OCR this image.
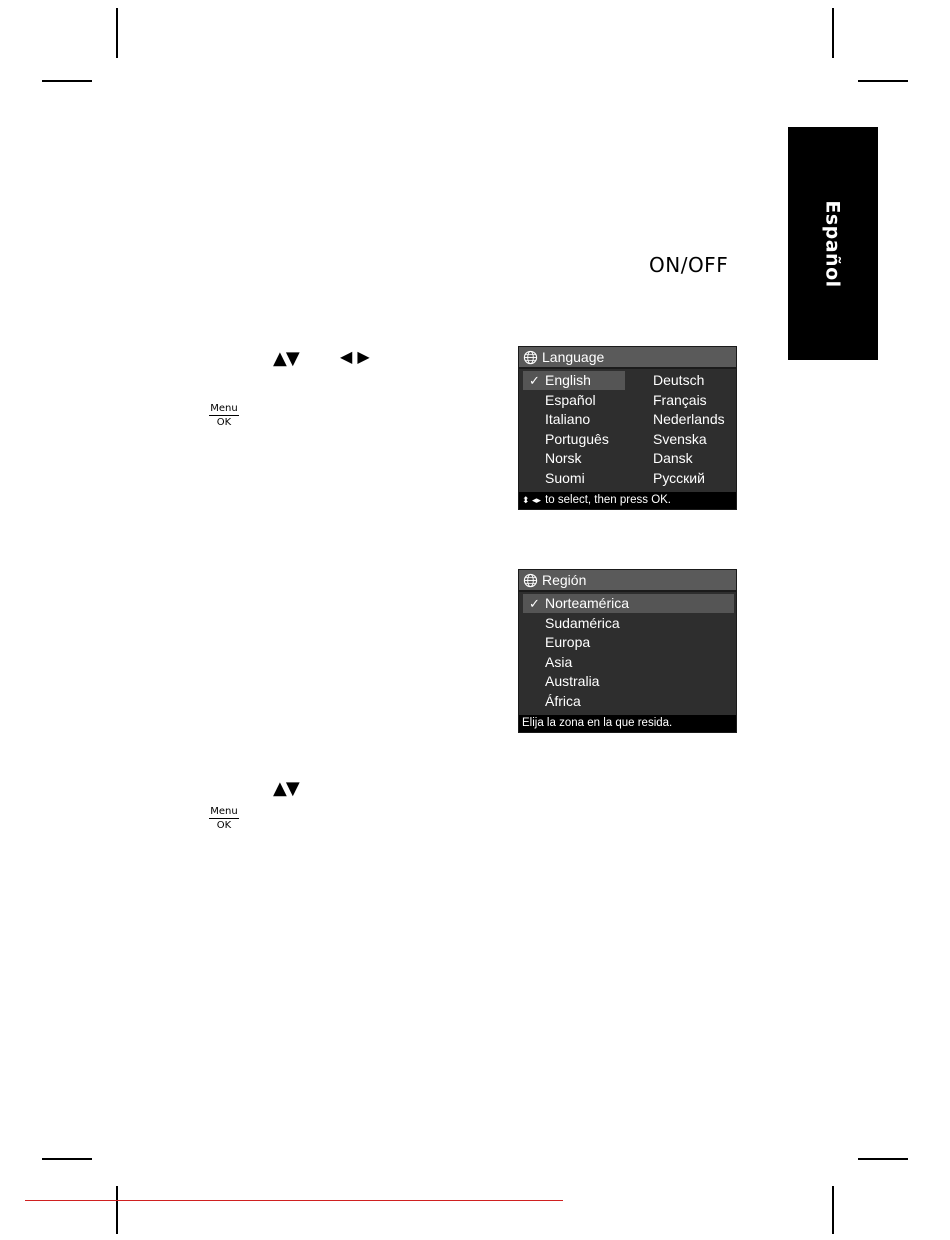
Español
ON/OFF
▲▼	◀ ▶
Menu
OK
Language
✓ English
Español
Italiano
Português
Norsk
Suomi
Deutsch
Français
Nederlands
Svenska
Dansk
Русский
⬍ ◂▸ to select, then press OK.
Región
✓ Norteamérica
Sudamérica
Europa
Asia
Australia
África
Elija la zona en la que resida.
▲▼
Menu
OK
